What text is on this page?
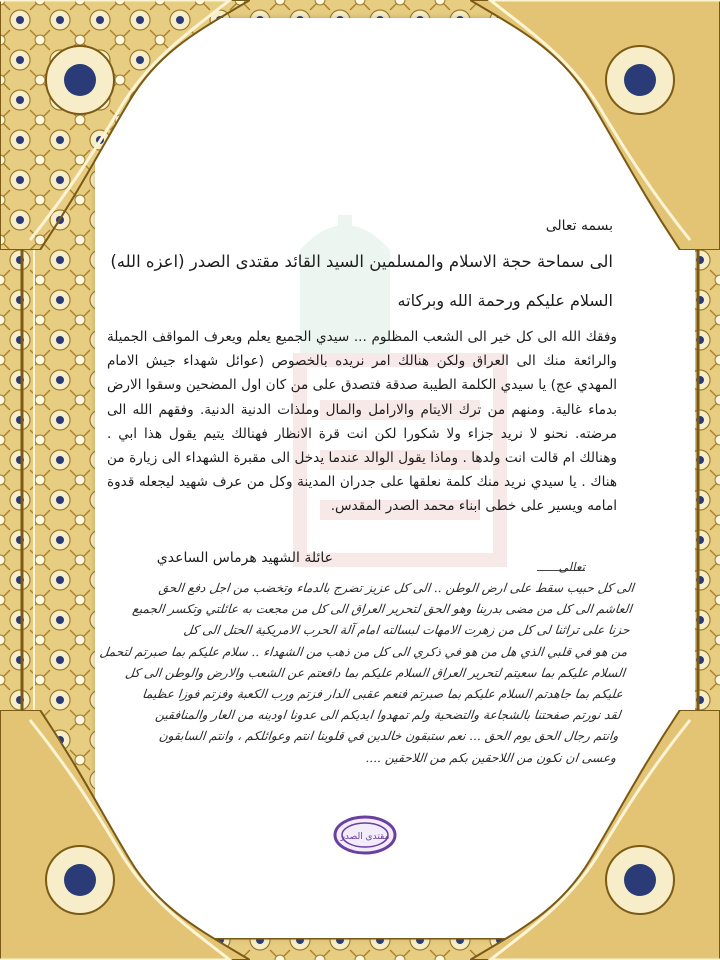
بسمه تعالى
الى سماحة حجة الاسلام والمسلمين السيد القائد مقتدى الصدر (اعزه الله)
السلام عليكم ورحمة الله وبركاته
وفقك الله الى كل خير الى الشعب المظلوم ... سيدي الجميع يعلم ويعرف المواقف الجميلة والرائعة منك الى العراق ولكن هنالك امر نريده بالخصوص (عوائل شهداء جيش الامام المهدي عج) يا سيدي الكلمة الطيبة صدقة فتصدق على من كان اول المضحين وسقوا الارض بدماء غالية. ومنهم من ترك الايتام والارامل والمال وملذات الدنية الدنية. وفقهم الله الى مرضته. نحنو لا نريد جزاء ولا شكورا لكن انت قرة الانظار فهنالك يتيم يقول هذا ابي . وهنالك ام قالت انت ولدها . وماذا يقول الوالد عندما يدخل الى مقبرة الشهداء الى زيارة من هناك . يا سيدي نريد منك كلمة نعلقها على جدران المدينة وكل من عرف شهيد ليجعله قدوة امامه ويسير على خطى ابناء محمد الصدر المقدس.
عائلة الشهيد هرماس الساعدي
تعالى
الى كل حبيب سقط على ارض الوطن .. الى كل عزيز تضرج بالدماء وتخضب من اجل دفع الحق
العاشم الى كل من مضى بدربنا وهو الحق لتحرير العراق الى كل من مجعت به عائلتي وتكسر الجميع
حزنا على تراثنا لى كل من زهرت الامهات لبسالته امام آلة الحرب الامريكية الحتل الى كل
من هو في قلبي الذي هل من هو في ذكري الى كل من ذهب من الشهداء .. سلام عليكم بما صبرتم لتحمل
السلام عليكم بما سعيتم لتحرير العراق السلام عليكم بما دافعتم عن الشعب والارض والوطن الى كل
عليكم بما جاهدتم السلام عليكم بما صبرتم فنعم عقبى الدار فزتم ورب الكعبة وفزتم فوزا عظيما
لقد نورتم صفحتنا بالشجاعة والتضحية ولم تمهدوا ايديكم الى عدونا اودينه من العار والمنافقين
وانتم رجال الحق يوم الحق ... نعم ستبقون خالدين في قلوبنا انتم وعوائلكم ، وانتم السابقون
وعسى ان نكون من اللاحقين بكم من اللاحقين ....
مقتدى الصدر
